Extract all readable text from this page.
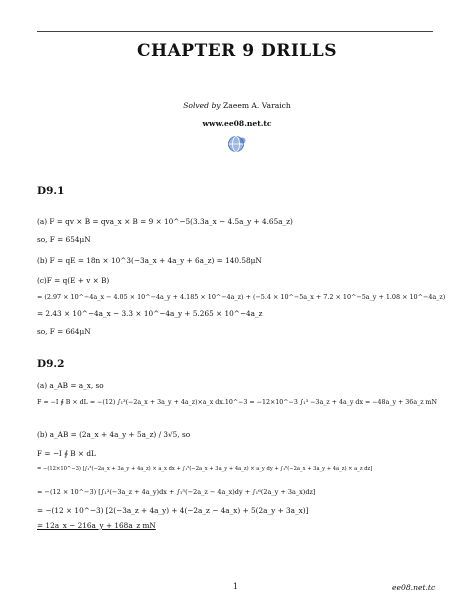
CHAPTER 9 DRILLS
Solved by Zaeem A. Varaich
www.ee08.net.tc
D9.1
(a) F = qv × B = qva_x × B = 9 × 10^−5(3.3a_x − 4.5a_y + 4.65a_z)
so, F = 654μN
(b) F = qE = 18n × 10^3(−3a_x + 4a_y + 6a_z) = 140.58μN
(c)F = q(E + v × B)
= (2.97 × 10^−4a_x − 4.05 × 10^−4a_y + 4.185 × 10^−4a_z) + (−5.4 × 10^−5a_x + 7.2 × 10^−5a_y + 1.08 × 10^−4a_z)
= 2.43 × 10^−4a_x − 3.3 × 10^−4a_y + 5.265 × 10^−4a_z
so, F = 664μN
D9.2
(a) a_AB = a_x, so
F = −I ∮ B × dL = −(12) ∫₁³(−2a_x + 3a_y + 4a_z)×a_x dx.10^−3 = −12×10^−3 ∫₁³ −3a_z + 4a_y dx = −48a_y + 36a_z mN
(b) a_AB = (2a_x + 4a_y + 5a_z) / 3√5, so
F = −I ∮ B × dL
= −(12×10^−3) [∫₁³(−2a_x + 3a_y + 4a_z) × a_x dx + ∫₁⁵(−2a_x + 3a_y + 4a_z) × a_y dy + ∫₁⁶(−2a_x + 3a_y + 4a_z) × a_z dz]
= −(12 × 10^−3) [∫₁³(−3a_z + 4a_y)dx + ∫₁⁵(−2a_z − 4a_x)dy + ∫₁⁶(2a_y + 3a_x)dz]
= −(12 × 10^−3) [2(−3a_z + 4a_y) + 4(−2a_z − 4a_x) + 5(2a_y + 3a_x)]
= 12a_x − 216a_y + 168a_z mN
1	ee08.net.tc
